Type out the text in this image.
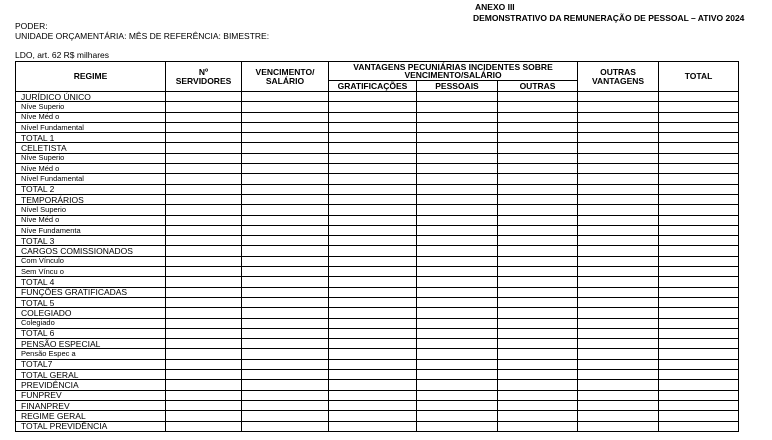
ANEXO III
DEMONSTRATIVO DA REMUNERAÇÃO DE PESSOAL – ATIVO 2024
PODER:
UNIDADE ORÇAMENTÁRIA: MÊS DE REFERÊNCIA: BIMESTRE:
LDO, art. 62 R$ milhares
REGIME	Nº SERVIDORES	VENCIMENTO/ SALÁRIO	VANTAGENS PECUNIÁRIAS INCIDENTES SOBRE VENCIMENTO/SALÁRIO			OUTRAS VANTAGENS	TOTAL
			GRATIFICAÇÕES	PESSOAIS	OUTRAS		
JURÍDICO ÚNICO							
Níve Superio							
Níve Méd o							
Nível Fundamental							
TOTAL 1							
CELETISTA							
Níve Superio							
Níve Méd o							
Nível Fundamental							
TOTAL 2							
TEMPORÁRIOS							
Nível Superio							
Níve Méd o							
Níve Fundamenta							
TOTAL 3							
CARGOS COMISSIONADOS							
Com Vínculo							
Sem Víncu o							
TOTAL 4							
FUNÇÕES GRATIFICADAS							
TOTAL 5							
COLEGIADO							
Colegiado							
TOTAL 6							
PENSÃO ESPECIAL							
Pensão Espec a							
TOTAL7							
TOTAL GERAL							
PREVIDÊNCIA							
FUNPREV							
FINANPREV							
REGIME GERAL							
TOTAL PREVIDÊNCIA							
